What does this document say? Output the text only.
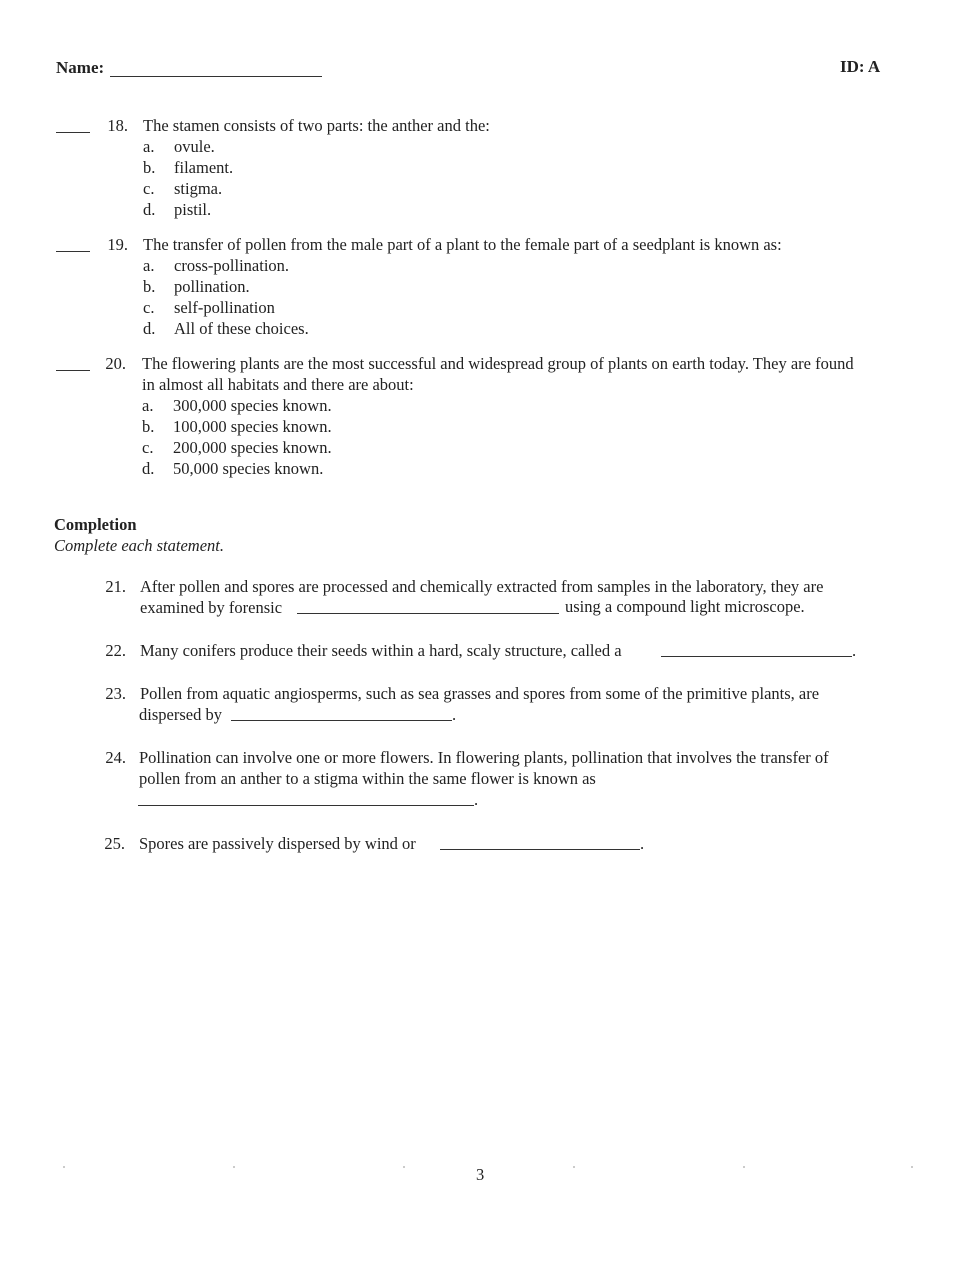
Name:	ID: A
18. The stamen consists of two parts: the anther and the:
a. ovule.
b. filament.
c. stigma.
d. pistil.
19. The transfer of pollen from the male part of a plant to the female part of a seedplant is known as:
a. cross-pollination.
b. pollination.
c. self-pollination
d. All of these choices.
20. The flowering plants are the most successful and widespread group of plants on earth today. They are found
in almost all habitats and there are about:
a. 300,000 species known.
b. 100,000 species known.
c. 200,000 species known.
d. 50,000 species known.
Completion
Complete each statement.
21. After pollen and spores are processed and chemically extracted from samples in the laboratory, they are
examined by forensic	using a compound light microscope.
22. Many conifers produce their seeds within a hard, scaly structure, called a	.
23. Pollen from aquatic angiosperms, such as sea grasses and spores from some of the primitive plants, are
dispersed by	.
24. Pollination can involve one or more flowers. In flowering plants, pollination that involves the transfer of
pollen from an anther to a stigma within the same flower is known as
.
25. Spores are passively dispersed by wind or	.
3
